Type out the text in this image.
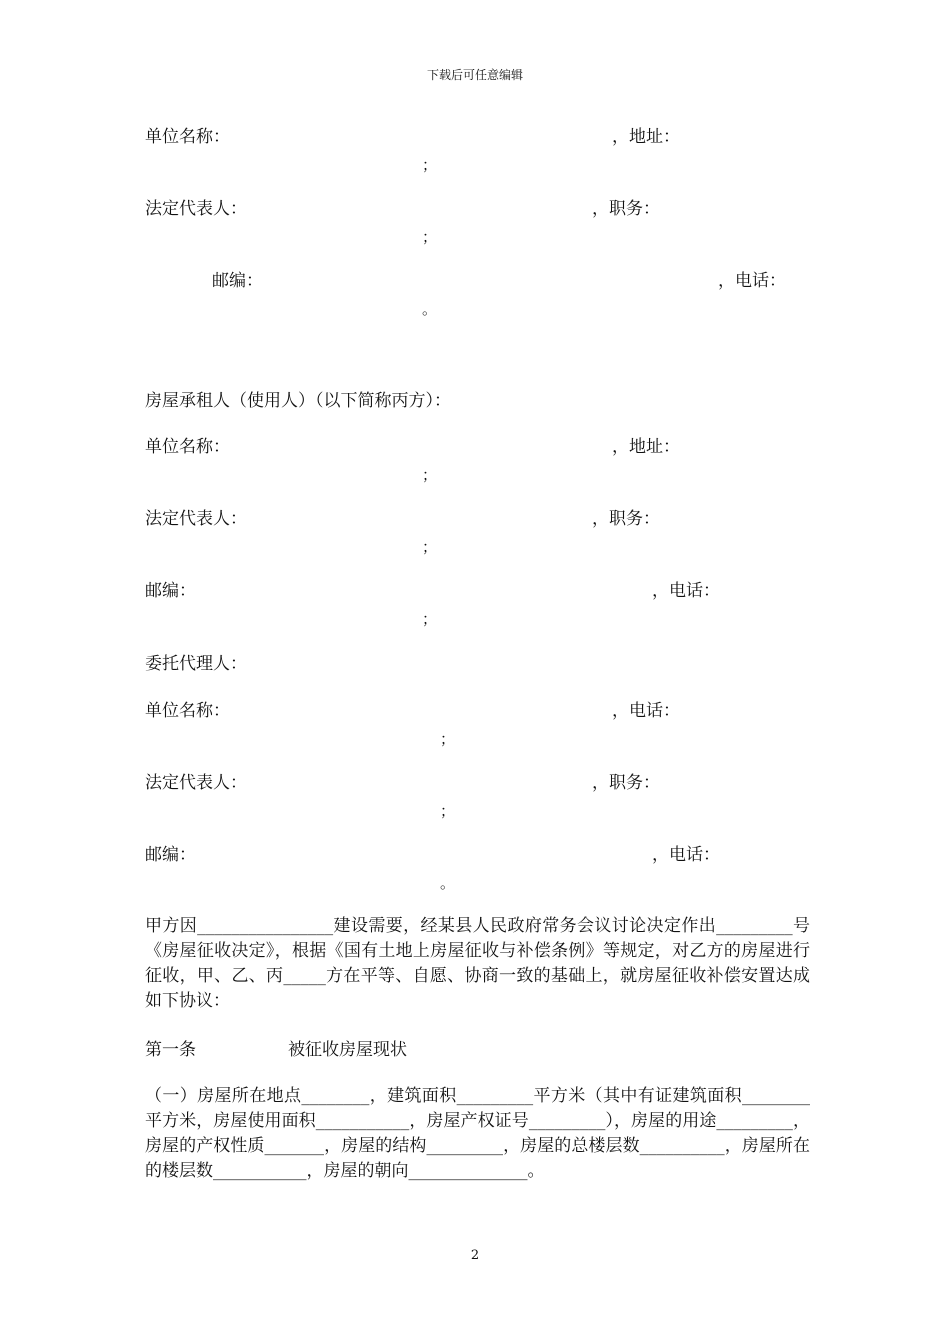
下载后可任意编辑
单位名称：	，地址：
；
法定代表人：	，职务：
；
邮编：	，电话：
。
房屋承租人（使用人）（以下简称丙方）：
单位名称：	，地址：
；
法定代表人：	，职务：
；
邮编：	，电话：
；
委托代理人：
单位名称：	，电话：
；
法定代表人：	，职务：
；
邮编：	，电话：
。
甲方因________________建设需要，经某县人民政府常务会议讨论决定作出_________号《房屋征收决定》，根据《国有土地上房屋征收与补偿条例》等规定，对乙方的房屋进行征收，甲、乙、丙_____方在平等、自愿、协商一致的基础上，就房屋征收补偿安置达成如下协议：
第一条	被征收房屋现状
（一）房屋所在地点________，建筑面积_________平方米（其中有证建筑面积________平方米，房屋使用面积___________，房屋产权证号_________），房屋的用途_________，房屋的产权性质_______，房屋的结构_________，房屋的总楼层数__________，房屋所在的楼层数___________，房屋的朝向______________。
2
